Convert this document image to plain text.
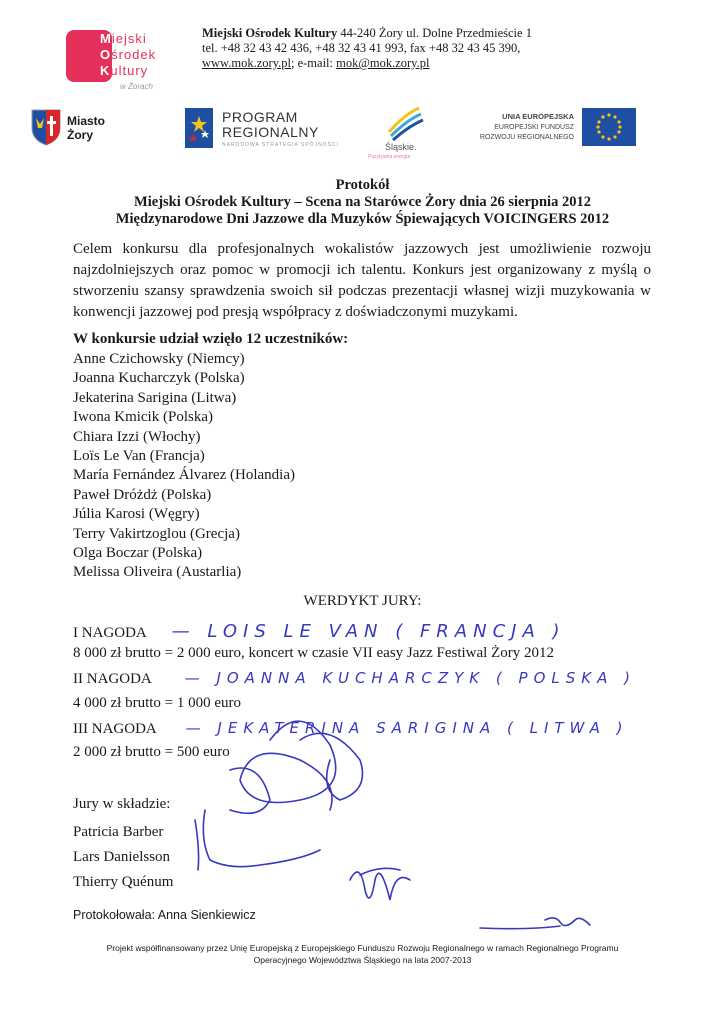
Miejski
Ośrodek
Kultury
w Żorach
Miejski Ośrodek Kultury 44-240 Żory ul. Dolne Przedmieście 1
tel. +48 32 43 42 436, +48 32 43 41 993, fax +48 32 43 45 390,
www.mok.zory.pl; e-mail: mok@mok.zory.pl
Miasto
Żory
PROGRAM
REGIONALNY
NARODOWA STRATEGIA SPÓJNOŚCI	Śląskie.
Pozytywna energia
UNIA EUROPEJSKA
EUROPEJSKI FUNDUSZ
ROZWOJU REGIONALNEGO
Protokół
Miejski Ośrodek Kultury – Scena na Starówce Żory dnia 26 sierpnia 2012
Międzynarodowe Dni Jazzowe dla Muzyków Śpiewających VOICINGERS 2012
Celem konkursu dla profesjonalnych wokalistów jazzowych jest umożliwienie rozwoju najzdolniejszych oraz pomoc w promocji ich talentu. Konkurs jest organizowany z myślą o stworzeniu szansy sprawdzenia swoich sił podczas prezentacji własnej wizji muzykowania w konwencji jazzowej pod presją współpracy z doświadczonymi muzykami.
W konkursie udział wzięło 12 uczestników:
Anne Czichowsky (Niemcy)
Joanna Kucharczyk (Polska)
Jekaterina Sarigina (Litwa)
Iwona Kmicik (Polska)
Chiara Izzi (Włochy)
Loïs Le Van (Francja)
María Fernández Álvarez (Holandia)
Paweł Dróżdż (Polska)
Júlia Karosi (Węgry)
Terry Vakirtzoglou (Grecja)
Olga Boczar (Polska)
Melissa Oliveira (Austarlia)
WERDYKT JURY:
I NAGODA — LOIS LE VAN ( FRANCJA )
8 000 zł brutto = 2 000 euro, koncert w czasie VII easy Jazz Festiwal Żory 2012
II NAGODA — JOANNA KUCHARCZYK ( POLSKA )
4 000 zł brutto = 1 000 euro
III NAGODA — JEKATERINA SARIGINA ( LITWA )
2 000 zł brutto = 500 euro
Jury w składzie:
Patricia Barber
Lars Danielsson
Thierry Quénum
Protokołowała: Anna Sienkiewicz
Projekt współfinansowany przez Unię Europejską z Europejskiego Funduszu Rozwoju Regionalnego w ramach Regionalnego Programu
Operacyjnego Województwa Śląskiego na lata 2007-2013
